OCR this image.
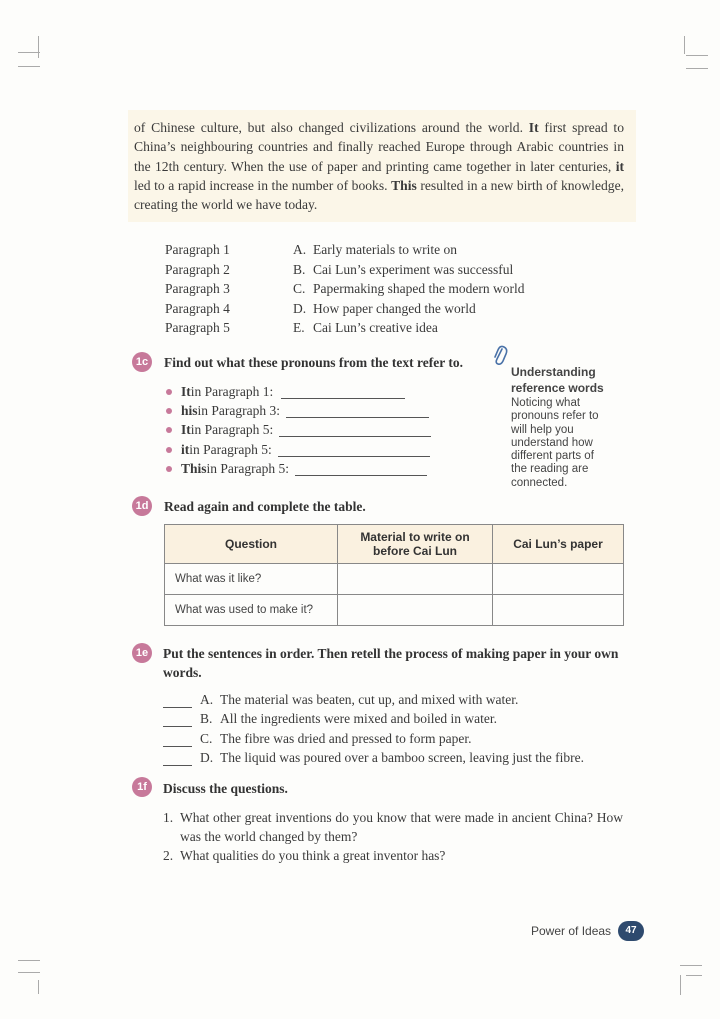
of Chinese culture, but also changed civilizations around the world. It first spread to China’s neighbouring countries and finally reached Europe through Arabic countries in the 12th century. When the use of paper and printing came together in later centuries, it led to a rapid increase in the number of books. This resulted in a new birth of knowledge, creating the world we have today.

Paragraph 1	A. Early materials to write on
Paragraph 2	B. Cai Lun’s experiment was successful
Paragraph 3	C. Papermaking shaped the modern world
Paragraph 4	D. How paper changed the world
Paragraph 5	E. Cai Lun’s creative idea
1c Find out what these pronouns from the text refer to.
It in Paragraph 1:
his in Paragraph 3:
It in Paragraph 5:
it in Paragraph 5:
This in Paragraph 5:
Understanding reference words
Noticing what pronouns refer to will help you understand how different parts of the reading are connected.
1d Read again and complete the table.
Question	Material to write on before Cai Lun	Cai Lun’s paper
What was it like?		
What was used to make it?		
1e Put the sentences in order. Then retell the process of making paper in your own words.
A. The material was beaten, cut up, and mixed with water.
B. All the ingredients were mixed and boiled in water.
C. The fibre was dried and pressed to form paper.
D. The liquid was poured over a bamboo screen, leaving just the fibre.
1f	Discuss the questions.
1. What other great inventions do you know that were made in ancient China? How was the world changed by them?
2. What qualities do you think a great inventor has?
Power of Ideas	47
